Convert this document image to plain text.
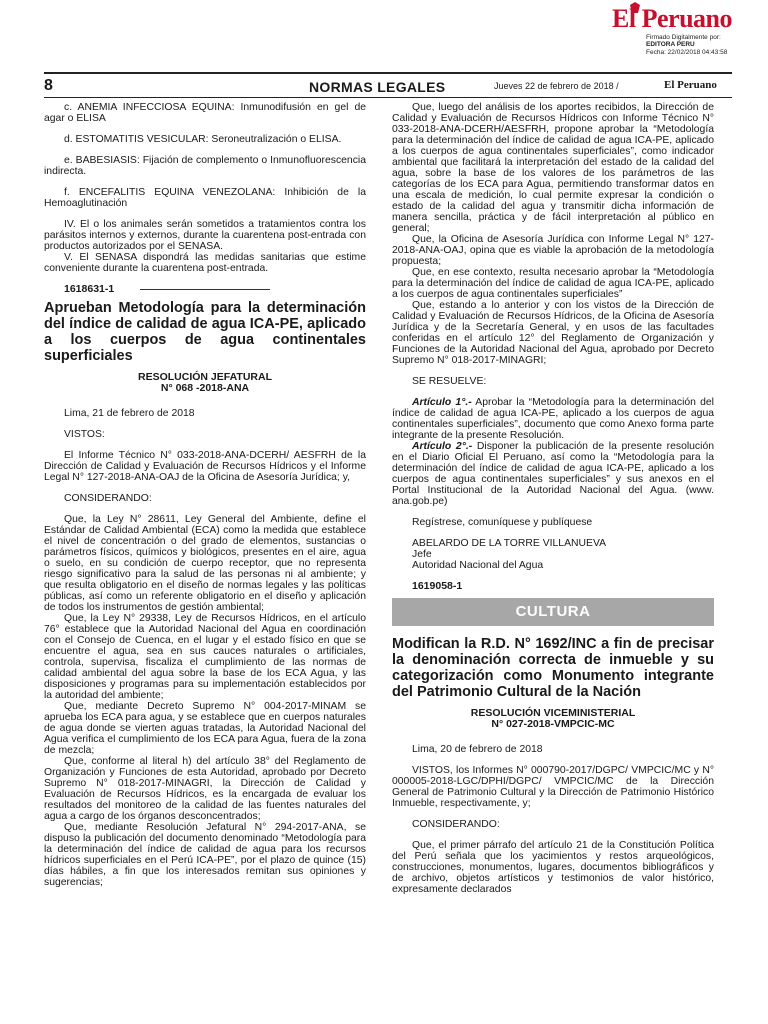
El Peruano
Firmado Digitalmente por:
EDITORA PERU
Fecha: 22/02/2018 04:43:58
8	NORMAS LEGALES	Jueves 22 de febrero de 2018 /	El Peruano

c. ANEMIA INFECCIOSA EQUINA: Inmunodifusión en gel de agar o ELISA

d. ESTOMATITIS VESICULAR: Seroneutralización o ELISA.

e. BABESIASIS: Fijación de complemento o Inmunofluorescencia indirecta.

f. ENCEFALITIS EQUINA VENEZOLANA: Inhibición de la Hemoaglutinación

IV. El o los animales serán sometidos a tratamientos contra los parásitos internos y externos, durante la cuarentena post-entrada con productos autorizados por el SENASA.

V. El SENASA dispondrá las medidas sanitarias que estime conveniente durante la cuarentena post-entrada.

1618631-1
Aprueban Metodología para la determinación del índice de calidad de agua ICA-PE, aplicado a los cuerpos de agua continentales superficiales
RESOLUCIÓN JEFATURAL
N° 068 -2018-ANA

Lima, 21 de febrero de 2018

VISTOS:

El Informe Técnico N° 033-2018-ANA-DCERH/ AESFRH de la Dirección de Calidad y Evaluación de Recursos Hídricos y el Informe Legal N° 127-2018-ANA-OAJ de la Oficina de Asesoría Jurídica; y,

CONSIDERANDO:

Que, la Ley N° 28611, Ley General del Ambiente, define el Estándar de Calidad Ambiental (ECA) como la medida que establece el nivel de concentración o del grado de elementos, sustancias o parámetros físicos, químicos y biológicos, presentes en el aire, agua o suelo, en su condición de cuerpo receptor, que no representa riesgo significativo para la salud de las personas ni al ambiente; y que resulta obligatorio en el diseño de normas legales y las políticas públicas, así como un referente obligatorio en el diseño y aplicación de todos los instrumentos de gestión ambiental;

Que, la Ley N° 29338, Ley de Recursos Hídricos, en el artículo 76° establece que la Autoridad Nacional del Agua en coordinación con el Consejo de Cuenca, en el lugar y el estado físico en que se encuentre el agua, sea en sus cauces naturales o artificiales, controla, supervisa, fiscaliza el cumplimiento de las normas de calidad ambiental del agua sobre la base de los ECA Agua, y las disposiciones y programas para su implementación establecidos por la autoridad del ambiente;

Que, mediante Decreto Supremo N° 004-2017-MINAM se aprueba los ECA para agua, y se establece que en cuerpos naturales de agua donde se vierten aguas tratadas, la Autoridad Nacional del Agua verifica el cumplimiento de los ECA para Agua, fuera de la zona de mezcla;

Que, conforme al literal h) del artículo 38° del Reglamento de Organización y Funciones de esta Autoridad, aprobado por Decreto Supremo N° 018-2017-MINAGRI, la Dirección de Calidad y Evaluación de Recursos Hídricos, es la encargada de evaluar los resultados del monitoreo de la calidad de las fuentes naturales del agua a cargo de los órganos desconcentrados;

Que, mediante Resolución Jefatural N° 294-2017-ANA, se dispuso la publicación del documento denominado “Metodología para la determinación del índice de calidad de agua para los recursos hídricos superficiales en el Perú ICA-PE”, por el plazo de quince (15) días hábiles, a fin que los interesados remitan sus opiniones y sugerencias;

Que, luego del análisis de los aportes recibidos, la Dirección de Calidad y Evaluación de Recursos Hídricos con Informe Técnico N° 033-2018-ANA-DCERH/AESFRH, propone aprobar la “Metodología para la determinación del índice de calidad de agua ICA-PE, aplicado a los cuerpos de agua continentales superficiales”, como indicador ambiental que facilitará la interpretación del estado de la calidad del agua, sobre la base de los valores de los parámetros de las categorías de los ECA para Agua, permitiendo transformar datos en una escala de medición, lo cual permite expresar la condición o estado de la calidad del agua y transmitir dicha información de manera sencilla, práctica y de fácil interpretación al público en general;

Que, la Oficina de Asesoría Jurídica con Informe Legal N° 127-2018-ANA-OAJ, opina que es viable la aprobación de la metodología propuesta;

Que, en ese contexto, resulta necesario aprobar la “Metodología para la determinación del índice de calidad de agua ICA-PE, aplicado a los cuerpos de agua continentales superficiales”

Que, estando a lo anterior y con los vistos de la Dirección de Calidad y Evaluación de Recursos Hídricos, de la Oficina de Asesoría Jurídica y de la Secretaría General, y en usos de las facultades conferidas en el artículo 12° del Reglamento de Organización y Funciones de la Autoridad Nacional del Agua, aprobado por Decreto Supremo N° 018-2017-MINAGRI;

SE RESUELVE:

Artículo 1°.- Aprobar la “Metodología para la determinación del índice de calidad de agua ICA-PE, aplicado a los cuerpos de agua continentales superficiales”, documento que como Anexo forma parte integrante de la presente Resolución.

Artículo 2°.- Disponer la publicación de la presente resolución en el Diario Oficial El Peruano, así como la “Metodología para la determinación del índice de calidad de agua ICA-PE, aplicado a los cuerpos de agua continentales superficiales” y sus anexos en el Portal Institucional de la Autoridad Nacional del Agua. (www. ana.gob.pe)

Regístrese, comuníquese y publíquese

ABELARDO DE LA TORRE VILLANUEVA
Jefe
Autoridad Nacional del Agua

1619058-1
CULTURA
Modifican la R.D. N° 1692/INC a fin de precisar la denominación correcta de inmueble y su categorización como Monumento integrante del Patrimonio Cultural de la Nación
RESOLUCIÓN VICEMINISTERIAL
N° 027-2018-VMPCIC-MC

Lima, 20 de febrero de 2018

VISTOS, los Informes N° 000790-2017/DGPC/ VMPCIC/MC y N° 000005-2018-LGC/DPHI/DGPC/ VMPCIC/MC de la Dirección General de Patrimonio Cultural y la Dirección de Patrimonio Histórico Inmueble, respectivamente, y;

CONSIDERANDO:

Que, el primer párrafo del artículo 21 de la Constitución Política del Perú señala que los yacimientos y restos arqueológicos, construcciones, monumentos, lugares, documentos bibliográficos y de archivo, objetos artísticos y testimonios de valor histórico, expresamente declarados
